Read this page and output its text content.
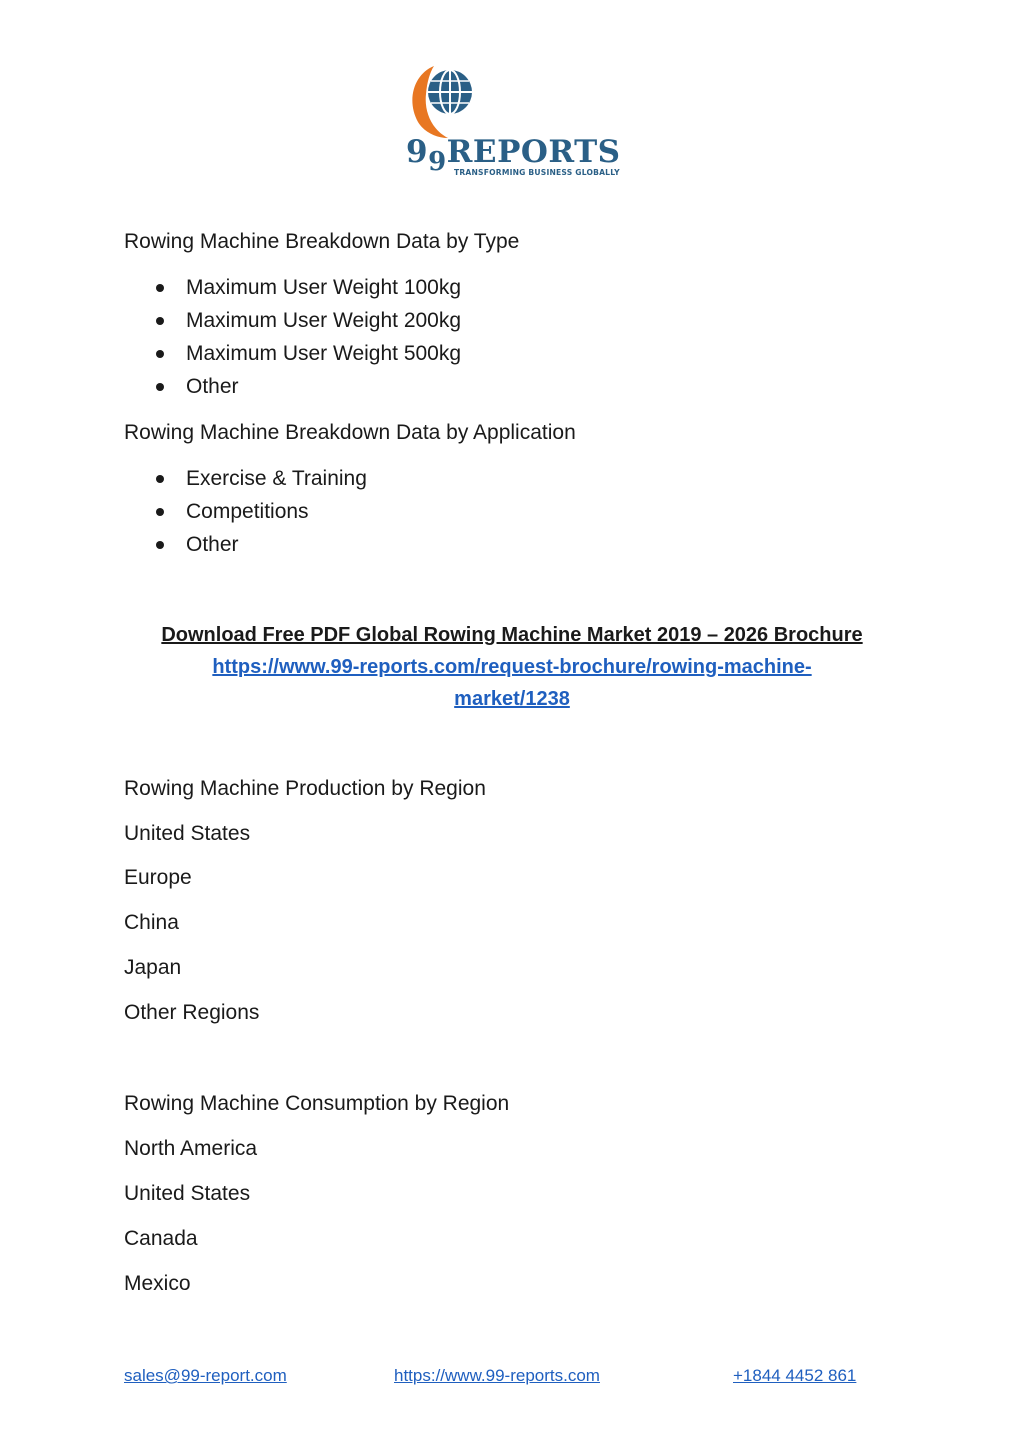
$9_9REPORTS$
TRANSFORMING BUSINESS GLOBALLY
Rowing Machine Breakdown Data by Type
Maximum User Weight 100kg
Maximum User Weight 200kg
Maximum User Weight 500kg
Other
Rowing Machine Breakdown Data by Application
Exercise & Training
Competitions
Other
Download Free PDF Global Rowing Machine Market 2019 – 2026 Brochure
https://www.99-reports.com/request-brochure/rowing-machine-
market/1238
Rowing Machine Production by Region
United States
Europe
China
Japan
Other Regions
Rowing Machine Consumption by Region
North America
United States
Canada
Mexico
sales@99-report.com	https://www.99-reports.com	+1844 4452 861
